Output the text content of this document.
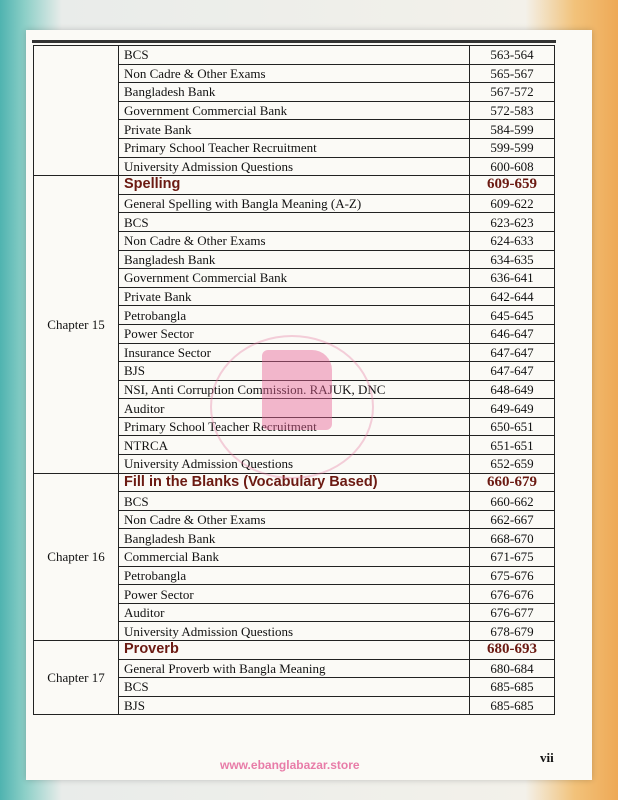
	BCS	563-564
	Non Cadre & Other Exams	565-567
	Bangladesh Bank	567-572
	Government Commercial Bank	572-583
	Private Bank	584-599
	Primary School Teacher Recruitment	599-599
	University Admission Questions	600-608
Chapter 15	Spelling	609-659
	General Spelling with Bangla Meaning (A-Z)	609-622
	BCS	623-623
	Non Cadre & Other Exams	624-633
	Bangladesh Bank	634-635
	Government Commercial Bank	636-641
	Private Bank	642-644
	Petrobangla	645-645
	Power Sector	646-647
	Insurance Sector	647-647
	BJS	647-647
	NSI, Anti Corruption Commission. RAJUK, DNC	648-649
	Auditor	649-649
	Primary School Teacher Recruitment	650-651
	NTRCA	651-651
	University Admission Questions	652-659
Chapter 16	Fill in the Blanks (Vocabulary Based)	660-679
	BCS	660-662
	Non Cadre & Other Exams	662-667
	Bangladesh Bank	668-670
	Commercial Bank	671-675
	Petrobangla	675-676
	Power Sector	676-676
	Auditor	676-677
	University Admission Questions	678-679
Chapter 17	Proverb	680-693
	General Proverb with Bangla Meaning	680-684
	BCS	685-685
	BJS	685-685
vii
www.ebanglabazar.store
